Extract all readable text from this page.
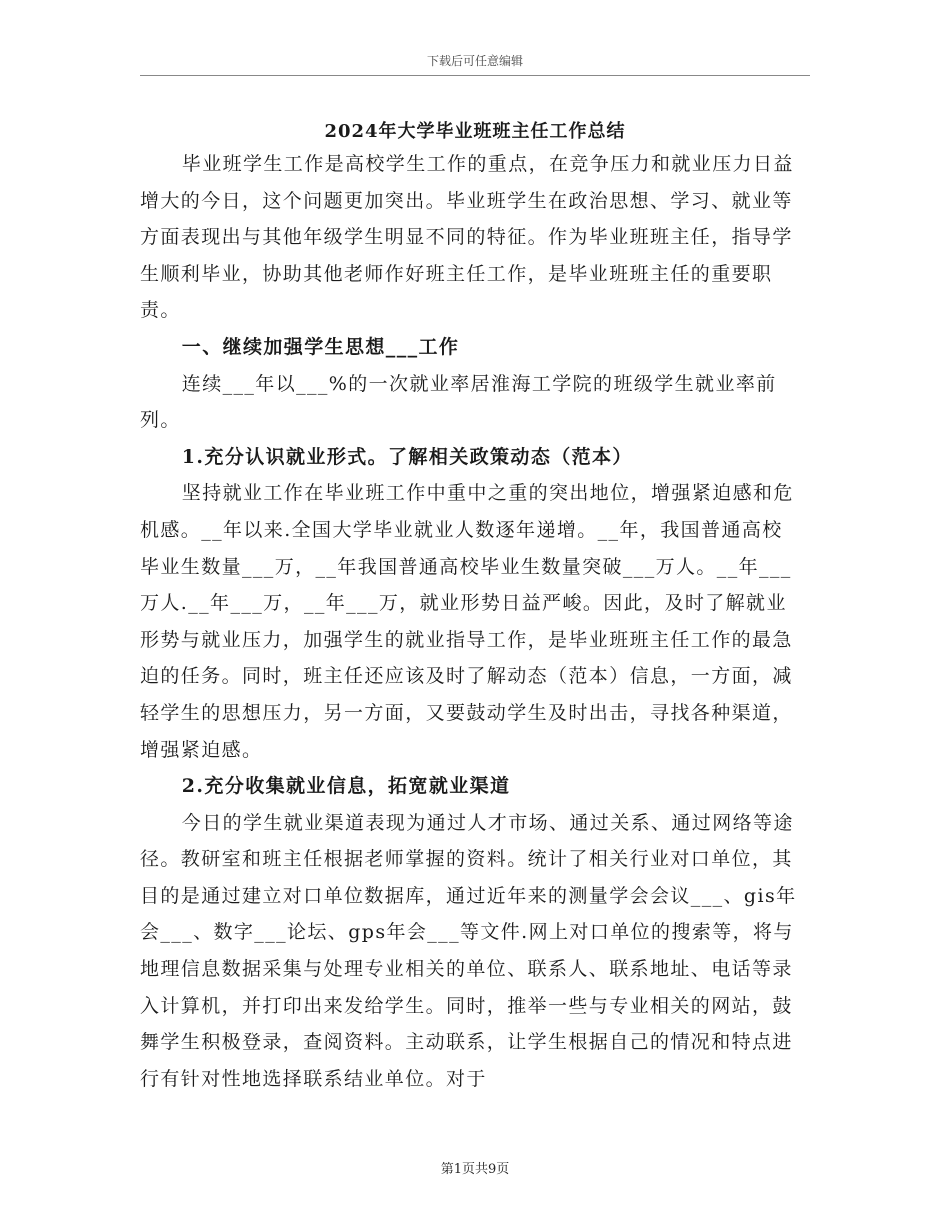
下载后可任意编辑
2024年大学毕业班班主任工作总结

毕业班学生工作是高校学生工作的重点，在竞争压力和就业压力日益增大的今日，这个问题更加突出。毕业班学生在政治思想、学习、就业等方面表现出与其他年级学生明显不同的特征。作为毕业班班主任，指导学生顺利毕业，协助其他老师作好班主任工作，是毕业班班主任的重要职责。

一、继续加强学生思想___工作

连续___年以___%的一次就业率居淮海工学院的班级学生就业率前列。

1.充分认识就业形式。了解相关政策动态（范本）

坚持就业工作在毕业班工作中重中之重的突出地位，增强紧迫感和危机感。__年以来.全国大学毕业就业人数逐年递增。__年，我国普通高校毕业生数量___万，__年我国普通高校毕业生数量突破___万人。__年___万人.__年___万，__年___万，就业形势日益严峻。因此，及时了解就业形势与就业压力，加强学生的就业指导工作，是毕业班班主任工作的最急迫的任务。同时，班主任还应该及时了解动态（范本）信息，一方面，减轻学生的思想压力，另一方面，又要鼓动学生及时出击，寻找各种渠道，增强紧迫感。

2.充分收集就业信息，拓宽就业渠道

今日的学生就业渠道表现为通过人才市场、通过关系、通过网络等途径。教研室和班主任根据老师掌握的资料。统计了相关行业对口单位，其目的是通过建立对口单位数据库，通过近年来的测量学会会议___、gis年会___、数字___论坛、gps年会___等文件.网上对口单位的搜索等，将与地理信息数据采集与处理专业相关的单位、联系人、联系地址、电话等录入计算机，并打印出来发给学生。同时，推举一些与专业相关的网站，鼓舞学生积极登录，查阅资料。主动联系，让学生根据自己的情况和特点进行有针对性地选择联系结业单位。对于

第1页共9页
